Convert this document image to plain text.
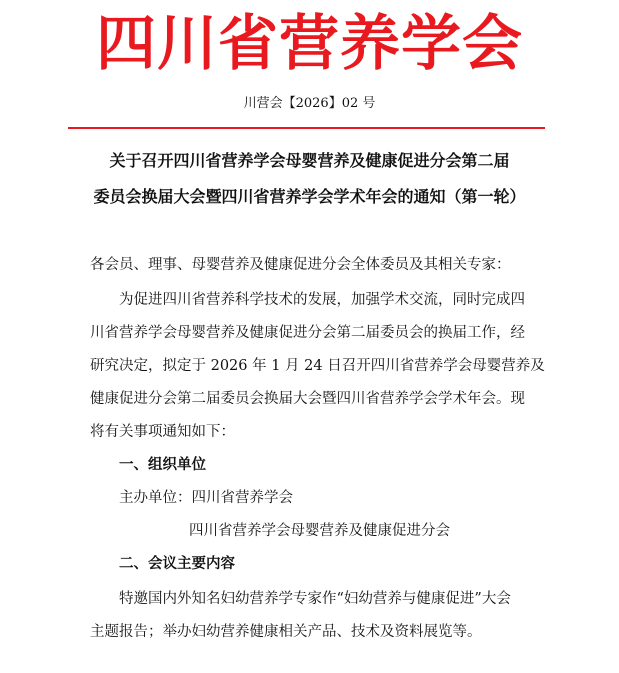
四川省营养学会
川营会【2026】02 号
关于召开四川省营养学会母婴营养及健康促进分会第二届
委员会换届大会暨四川省营养学会学术年会的通知（第一轮）
各会员、理事、母婴营养及健康促进分会全体委员及其相关专家：
为促进四川省营养科学技术的发展，加强学术交流，同时完成四
川省营养学会母婴营养及健康促进分会第二届委员会的换届工作，经
研究决定，拟定于 2026 年 1 月 24 日召开四川省营养学会母婴营养及
健康促进分会第二届委员会换届大会暨四川省营养学会学术年会。现
将有关事项通知如下：
一、组织单位
主办单位：四川省营养学会
四川省营养学会母婴营养及健康促进分会
二、会议主要内容
特邀国内外知名妇幼营养学专家作“妇幼营养与健康促进”大会
主题报告；举办妇幼营养健康相关产品、技术及资料展览等。
